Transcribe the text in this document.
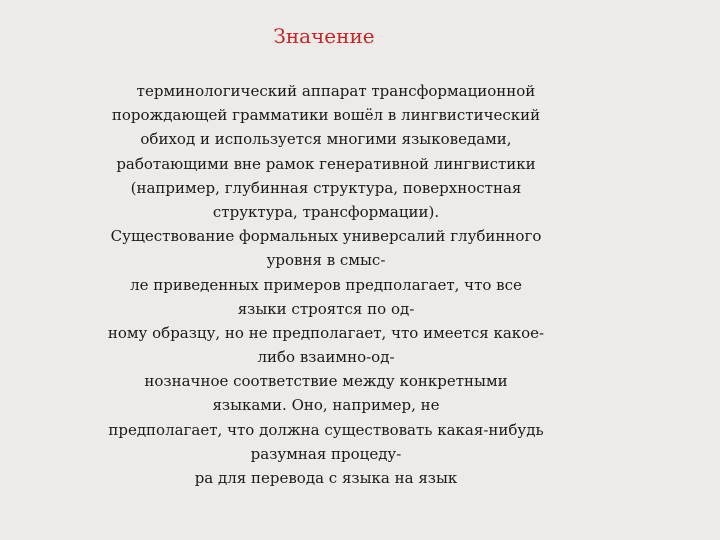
Значение
терминологический аппарат трансформационной
порождающей грамматики вошёл в лингвистический
обиход и используется многими языковедами,
работающими вне рамок генеративной лингвистики
(например, глубинная структура, поверхностная
структура, трансформации).
Существование формальных универсалий глубинного
уровня в смыс-
ле приведенных примеров предполагает, что все
языки строятся по од-
ному образцу, но не предполагает, что имеется какое-
либо взаимно-од-
нозначное соответствие между конкретными
языками. Оно, например, не
предполагает, что должна существовать какая-нибудь
разумная процеду-
ра для перевода с языка на язык
